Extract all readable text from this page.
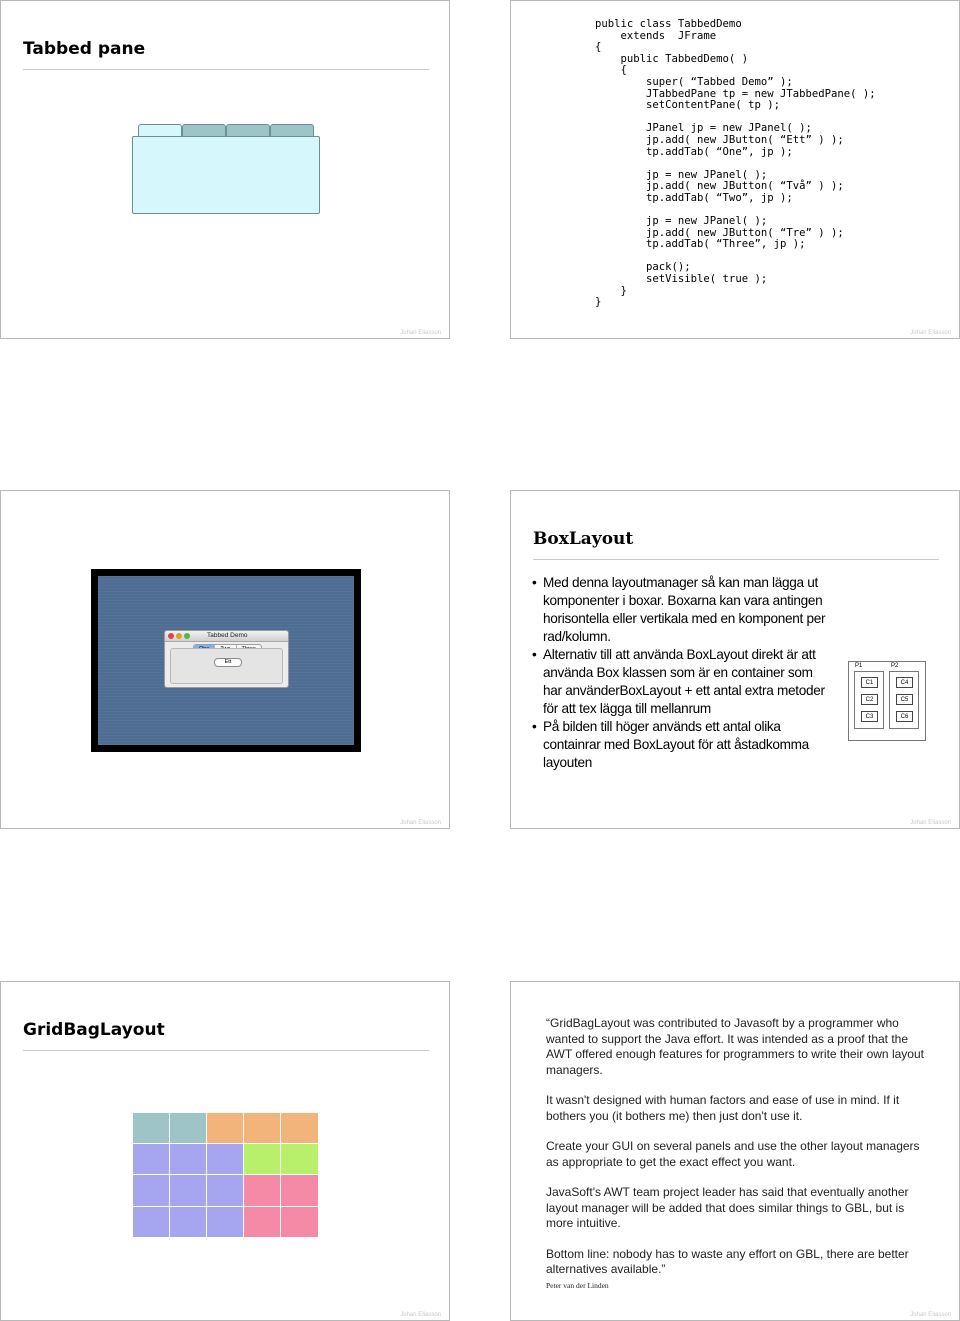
Tabbed pane
Johan Eliasson
public class TabbedDemo
extends  JFrame
{
public TabbedDemo( )
{
super( “Tabbed Demo” );
JTabbedPane tp = new JTabbedPane( );
setContentPane( tp );

JPanel jp = new JPanel( );
jp.add( new JButton( “Ett” ) );
tp.addTab( “One”, jp );

jp = new JPanel( );
jp.add( new JButton( “Två” ) );
tp.addTab( “Two”, jp );

jp = new JPanel( );
jp.add( new JButton( “Tre” ) );
tp.addTab( “Three”, jp );

pack();
setVisible( true );
}
}
Johan Eliasson
Tabbed Demo
Ett
Johan Eliasson
BoxLayout
• Med denna layoutmanager så kan man lägga ut komponenter i boxar. Boxarna kan vara antingen horisontella eller vertikala med en komponent per rad/kolumn.
• Alternativ till att använda BoxLayout direkt är att använda Box klassen som är en container som har använderBoxLayout + ett antal extra metoder för att tex lägga till mellanrum
• På bilden till höger används ett antal olika containrar med BoxLayout för att åstadkomma layouten
P1	P2
C1
C2
C3
C4
C5
C6
Johan Eliasson
GridBagLayout
Johan Eliasson

“GridBagLayout was contributed to Javasoft by a programmer who wanted to support the Java effort. It was intended as a proof that the AWT offered enough features for programmers to write their own layout managers.

It wasn't designed with human factors and ease of use in mind. If it bothers you (it bothers me) then just don't use it.

Create your GUI on several panels and use the other layout managers as appropriate to get the exact effect you want.

JavaSoft's AWT team project leader has said that eventually another layout manager will be added that does similar things to GBL, but is more intuitive.

Bottom line: nobody has to waste any effort on GBL, there are better alternatives available.”

Peter van der Linden
Johan Eliasson
